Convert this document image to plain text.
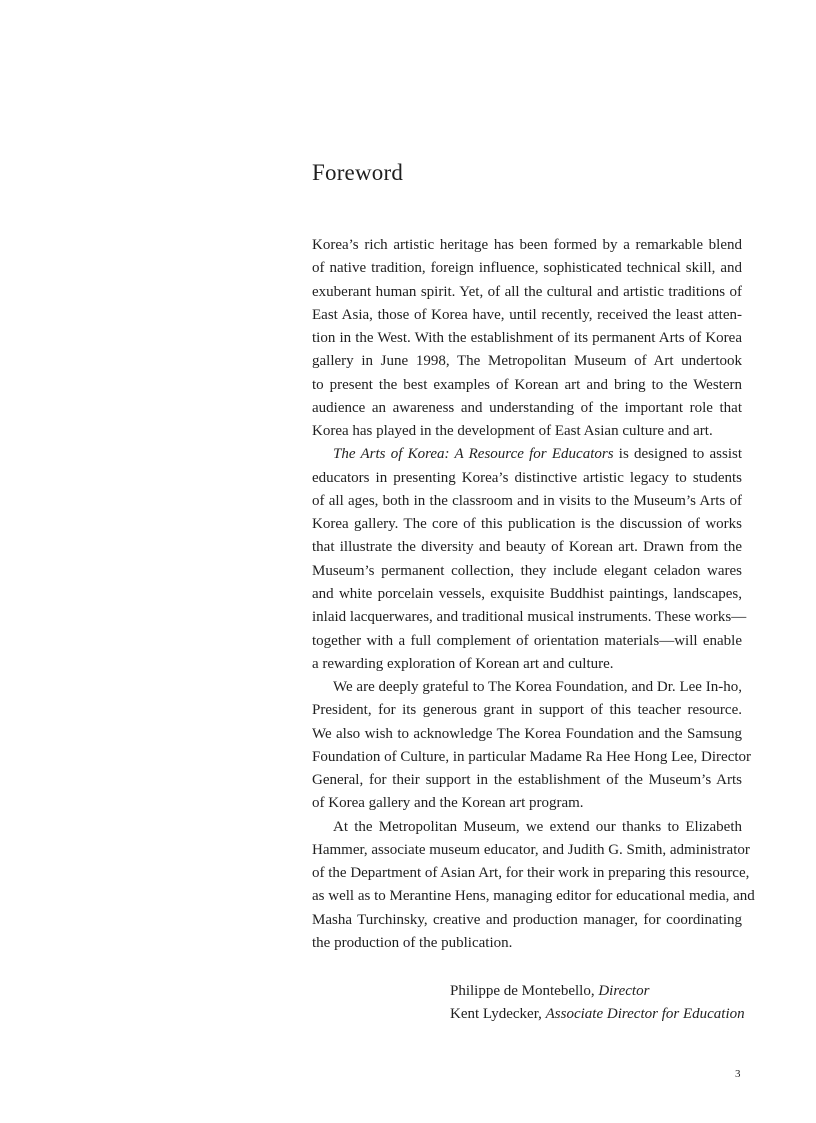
Foreword
Korea’s rich artistic heritage has been formed by a remarkable blend
of native tradition, foreign influence, sophisticated technical skill, and
exuberant human spirit. Yet, of all the cultural and artistic traditions of
East Asia, those of Korea have, until recently, received the least atten-
tion in the West. With the establishment of its permanent Arts of Korea
gallery in June 1998, The Metropolitan Museum of Art undertook
to present the best examples of Korean art and bring to the Western
audience an awareness and understanding of the important role that
Korea has played in the development of East Asian culture and art.
The Arts of Korea: A Resource for Educators is designed to assist
educators in presenting Korea’s distinctive artistic legacy to students
of all ages, both in the classroom and in visits to the Museum’s Arts of
Korea gallery. The core of this publication is the discussion of works
that illustrate the diversity and beauty of Korean art. Drawn from the
Museum’s permanent collection, they include elegant celadon wares
and white porcelain vessels, exquisite Buddhist paintings, landscapes,
inlaid lacquerwares, and traditional musical instruments. These works—
together with a full complement of orientation materials—will enable
a rewarding exploration of Korean art and culture.
We are deeply grateful to The Korea Foundation, and Dr. Lee In-ho,
President, for its generous grant in support of this teacher resource.
We also wish to acknowledge The Korea Foundation and the Samsung
Foundation of Culture, in particular Madame Ra Hee Hong Lee, Director
General, for their support in the establishment of the Museum’s Arts
of Korea gallery and the Korean art program.
At the Metropolitan Museum, we extend our thanks to Elizabeth
Hammer, associate museum educator, and Judith G. Smith, administrator
of the Department of Asian Art, for their work in preparing this resource,
as well as to Merantine Hens, managing editor for educational media, and
Masha Turchinsky, creative and production manager, for coordinating
the production of the publication.
Philippe de Montebello, Director
Kent Lydecker, Associate Director for Education
3
